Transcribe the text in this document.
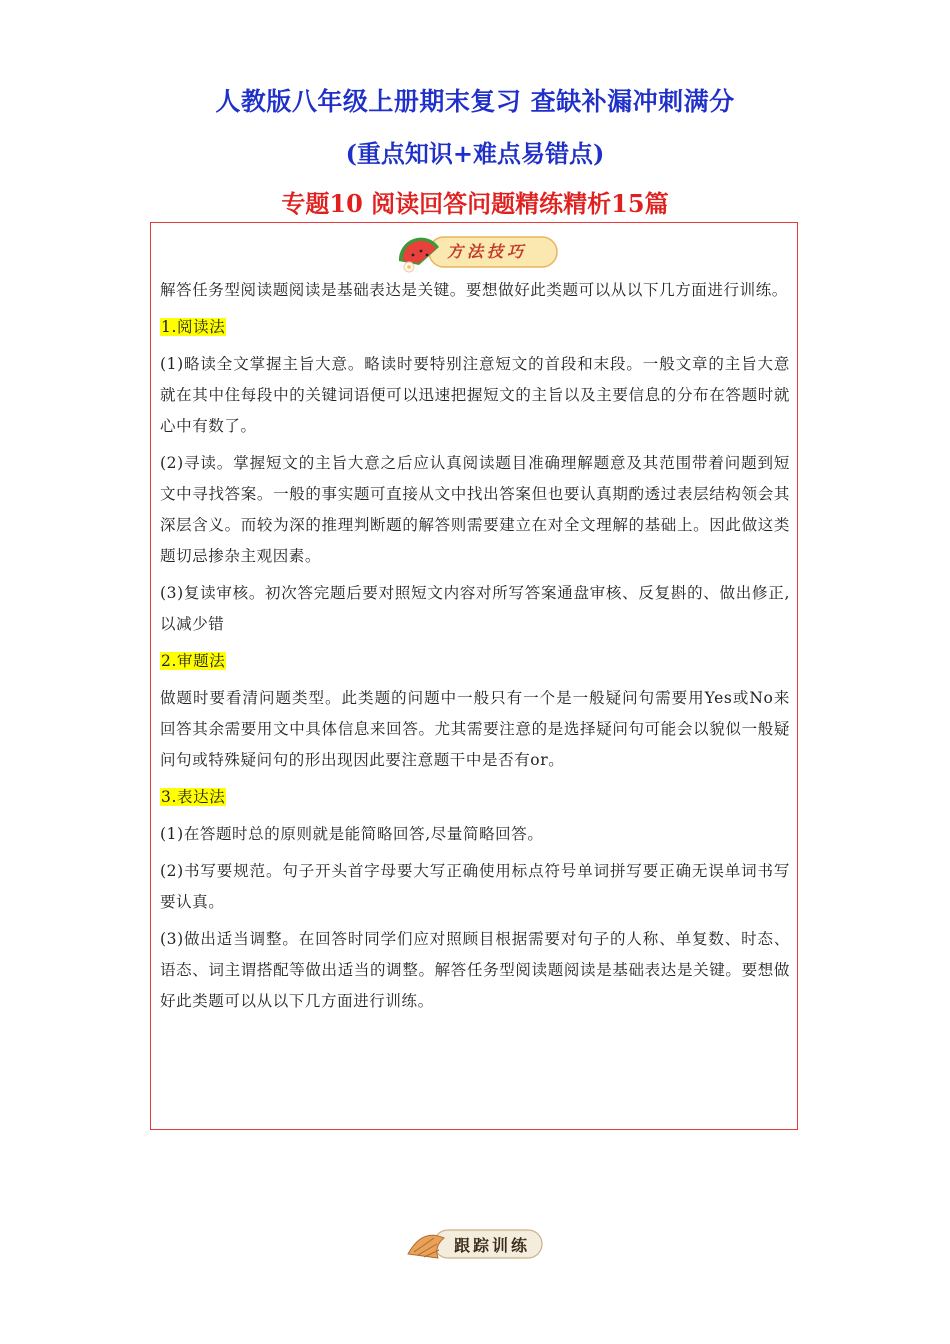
人教版八年级上册期末复习 查缺补漏冲刺满分
(重点知识+难点易错点)
专题10 阅读回答问题精练精析15篇
方法技巧

解答任务型阅读题阅读是基础表达是关键。要想做好此类题可以从以下几方面进行训练。

1.阅读法

(1)略读全文掌握主旨大意。略读时要特别注意短文的首段和末段。一般文章的主旨大意就在其中住每段中的关键词语便可以迅速把握短文的主旨以及主要信息的分布在答题时就心中有数了。

(2)寻读。掌握短文的主旨大意之后应认真阅读题目准确理解题意及其范围带着问题到短文中寻找答案。一般的事实题可直接从文中找出答案但也要认真期酌透过表层结构领会其深层含义。而较为深的推理判断题的解答则需要建立在对全文理解的基础上。因此做这类题切忌掺杂主观因素。

(3)复读审核。初次答完题后要对照短文内容对所写答案通盘审核、反复斟的、做出修正,以减少错

2.审题法

做题时要看清问题类型。此类题的问题中一般只有一个是一般疑问句需要用Yes或No来回答其余需要用文中具体信息来回答。尤其需要注意的是选择疑问句可能会以貌似一般疑问句或特殊疑问句的形出现因此要注意题干中是否有or。

3.表达法

(1)在答题时总的原则就是能简略回答,尽量简略回答。

(2)书写要规范。句子开头首字母要大写正确使用标点符号单词拼写要正确无误单词书写要认真。

(3)做出适当调整。在回答时同学们应对照顾目根据需要对句子的人称、单复数、时态、语态、词主谓搭配等做出适当的调整。解答任务型阅读题阅读是基础表达是关键。要想做好此类题可以从以下几方面进行训练。

跟踪训练
